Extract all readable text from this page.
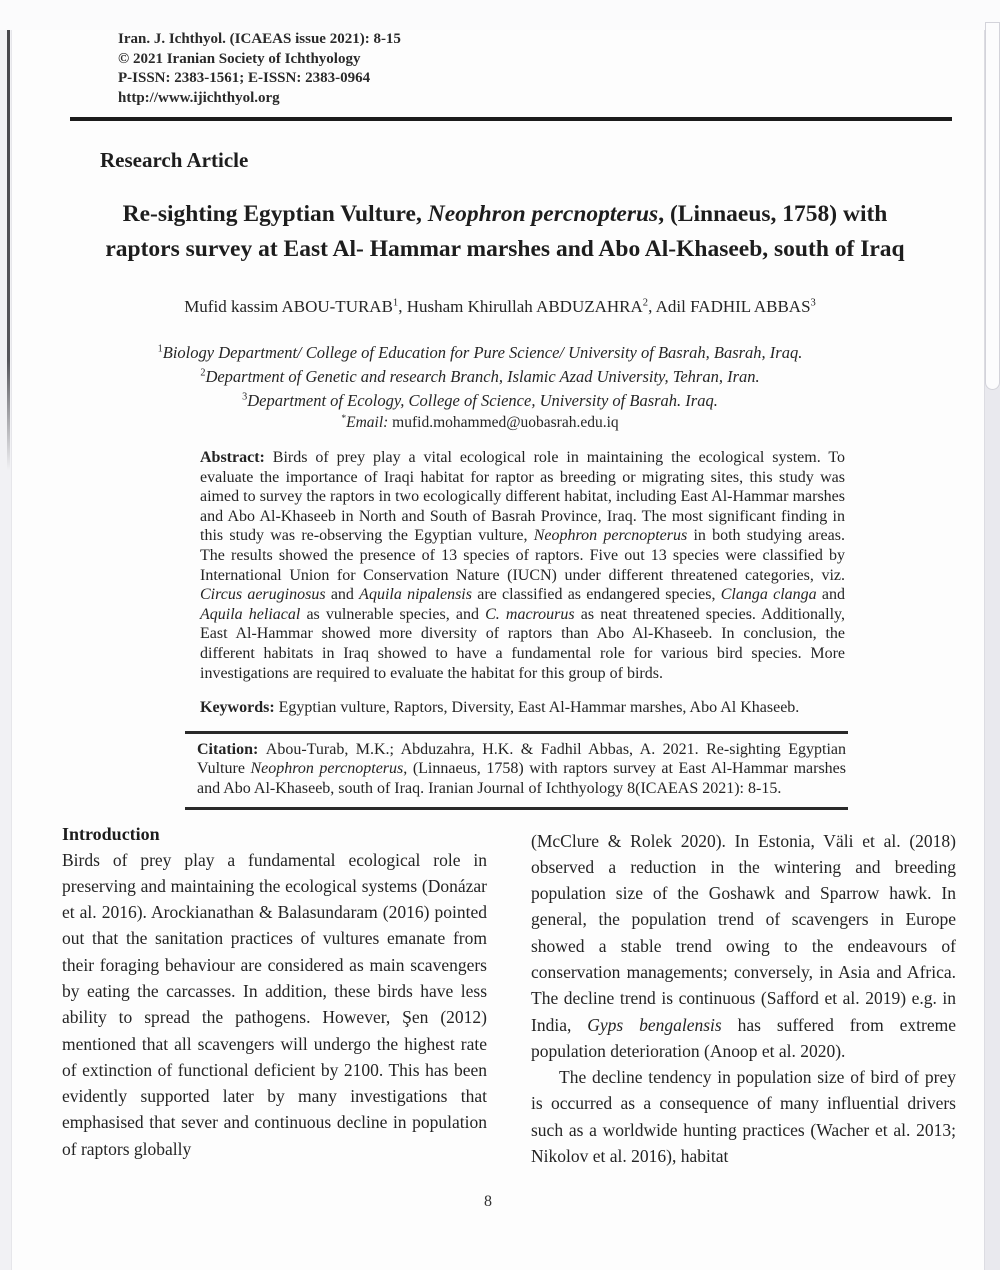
Iran. J. Ichthyol. (ICAEAS issue 2021): 8-15
© 2021 Iranian Society of Ichthyology
P-ISSN: 2383-1561; E-ISSN: 2383-0964
http://www.ijichthyol.org
Research Article
Re-sighting Egyptian Vulture, Neophron percnopterus, (Linnaeus, 1758) with raptors survey at East Al- Hammar marshes and Abo Al-Khaseeb, south of Iraq
Mufid kassim ABOU-TURAB$^1$, Husham Khirullah ABDUZAHRA$^2$, Adil FADHIL ABBAS$^3$
$^1$Biology Department/ College of Education for Pure Science/ University of Basrah, Basrah, Iraq.
$^2$Department of Genetic and research Branch, Islamic Azad University, Tehran, Iran.
$^3$Department of Ecology, College of Science, University of Basrah. Iraq.
*Email: mufid.mohammed@uobasrah.edu.iq
Abstract: Birds of prey play a vital ecological role in maintaining the ecological system. To evaluate the importance of Iraqi habitat for raptor as breeding or migrating sites, this study was aimed to survey the raptors in two ecologically different habitat, including East Al-Hammar marshes and Abo Al-Khaseeb in North and South of Basrah Province, Iraq. The most significant finding in this study was re-observing the Egyptian vulture, Neophron percnopterus in both studying areas. The results showed the presence of 13 species of raptors. Five out 13 species were classified by International Union for Conservation Nature (IUCN) under different threatened categories, viz. Circus aeruginosus and Aquila nipalensis are classified as endangered species, Clanga clanga and Aquila heliacal as vulnerable species, and C. macrourus as neat threatened species. Additionally, East Al-Hammar showed more diversity of raptors than Abo Al-Khaseeb. In conclusion, the different habitats in Iraq showed to have a fundamental role for various bird species. More investigations are required to evaluate the habitat for this group of birds.
Keywords: Egyptian vulture, Raptors, Diversity, East Al-Hammar marshes, Abo Al Khaseeb.
Citation: Abou-Turab, M.K.; Abduzahra, H.K. & Fadhil Abbas, A. 2021. Re-sighting Egyptian Vulture Neophron percnopterus, (Linnaeus, 1758) with raptors survey at East Al-Hammar marshes and Abo Al-Khaseeb, south of Iraq. Iranian Journal of Ichthyology 8(ICAEAS 2021): 8-15.
Introduction
Birds of prey play a fundamental ecological role in preserving and maintaining the ecological systems (Donázar et al. 2016). Arockianathan & Balasundaram (2016) pointed out that the sanitation practices of vultures emanate from their foraging behaviour are considered as main scavengers by eating the carcasses. In addition, these birds have less ability to spread the pathogens. However, Şen (2012) mentioned that all scavengers will undergo the highest rate of extinction of functional deficient by 2100. This has been evidently supported later by many investigations that emphasised that sever and continuous decline in population of raptors globally
(McClure & Rolek 2020). In Estonia, Väli et al. (2018) observed a reduction in the wintering and breeding population size of the Goshawk and Sparrow hawk. In general, the population trend of scavengers in Europe showed a stable trend owing to the endeavours of conservation managements; conversely, in Asia and Africa. The decline trend is continuous (Safford et al. 2019) e.g. in India, Gyps bengalensis has suffered from extreme population deterioration (Anoop et al. 2020).
The decline tendency in population size of bird of prey is occurred as a consequence of many influential drivers such as a worldwide hunting practices (Wacher et al. 2013; Nikolov et al. 2016), habitat
8
